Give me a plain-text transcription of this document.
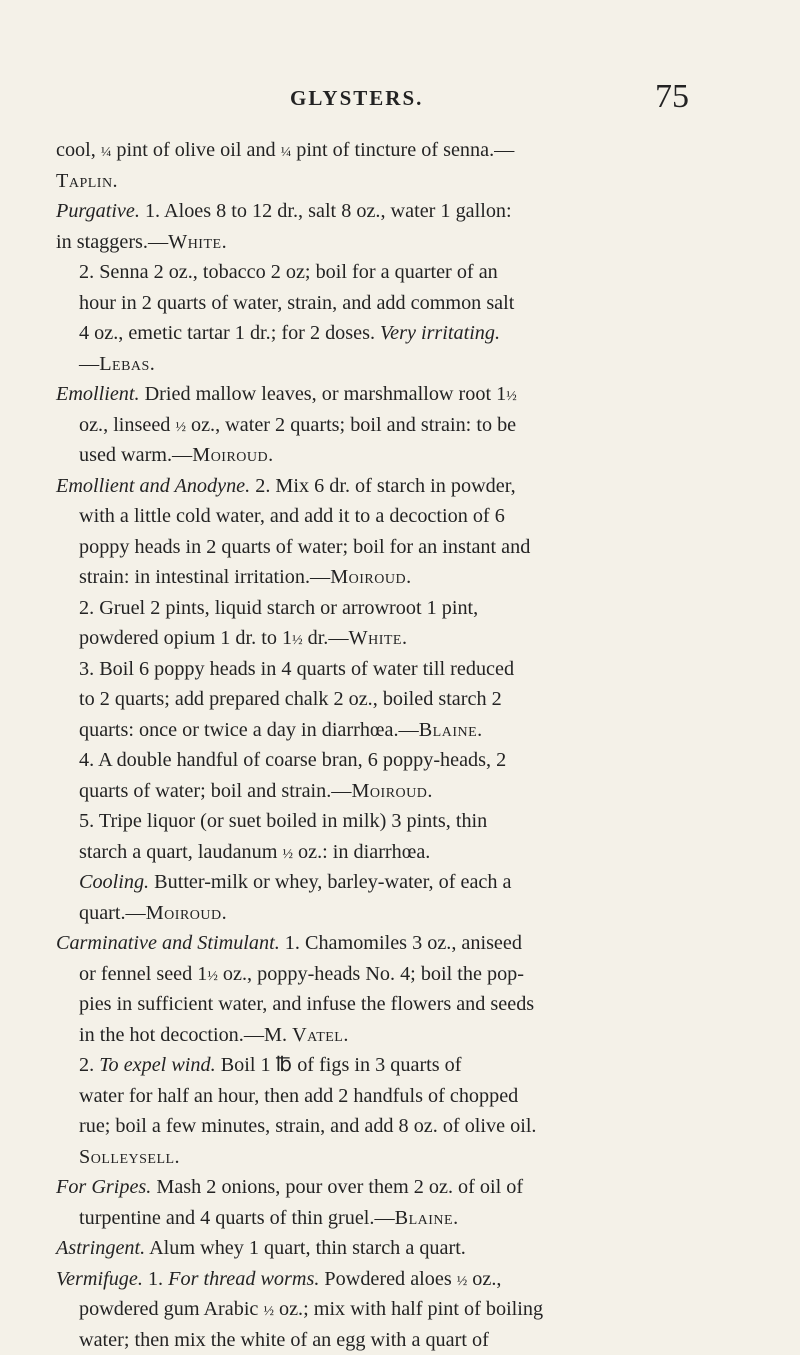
GLYSTERS.	75
cool, ¼ pint of olive oil and ¼ pint of tincture of senna.—
Taplin.
Purgative. 1. Aloes 8 to 12 dr., salt 8 oz., water 1 gallon:
in staggers.—White.
2. Senna 2 oz., tobacco 2 oz; boil for a quarter of an
hour in 2 quarts of water, strain, and add common salt
4 oz., emetic tartar 1 dr.; for 2 doses. Very irritating.
—Lebas.
Emollient. Dried mallow leaves, or marshmallow root 1½
oz., linseed ½ oz., water 2 quarts; boil and strain: to be
used warm.—Moiroud.
Emollient and Anodyne. 2. Mix 6 dr. of starch in powder,
with a little cold water, and add it to a decoction of 6
poppy heads in 2 quarts of water; boil for an instant and
strain: in intestinal irritation.—Moiroud.
2. Gruel 2 pints, liquid starch or arrowroot 1 pint,
powdered opium 1 dr. to 1½ dr.—White.
3. Boil 6 poppy heads in 4 quarts of water till reduced
to 2 quarts; add prepared chalk 2 oz., boiled starch 2
quarts: once or twice a day in diarrhœa.—Blaine.
4. A double handful of coarse bran, 6 poppy-heads, 2
quarts of water; boil and strain.—Moiroud.
5. Tripe liquor (or suet boiled in milk) 3 pints, thin
starch a quart, laudanum ½ oz.: in diarrhœa.
Cooling. Butter-milk or whey, barley-water, of each a
quart.—Moiroud.
Carminative and Stimulant. 1. Chamomiles 3 oz., aniseed
or fennel seed 1½ oz., poppy-heads No. 4; boil the pop-
pies in sufficient water, and infuse the flowers and seeds
in the hot decoction.—M. Vatel.
2. To expel wind. Boil 1 ℔ of figs in 3 quarts of
water for half an hour, then add 2 handfuls of chopped
rue; boil a few minutes, strain, and add 8 oz. of olive oil.
Solleysell.
For Gripes. Mash 2 onions, pour over them 2 oz. of oil of
turpentine and 4 quarts of thin gruel.—Blaine.
Astringent. Alum whey 1 quart, thin starch a quart.
Vermifuge. 1. For thread worms. Powdered aloes ½ oz.,
powdered gum Arabic ½ oz.; mix with half pint of boiling
water; then mix the white of an egg with a quart of
